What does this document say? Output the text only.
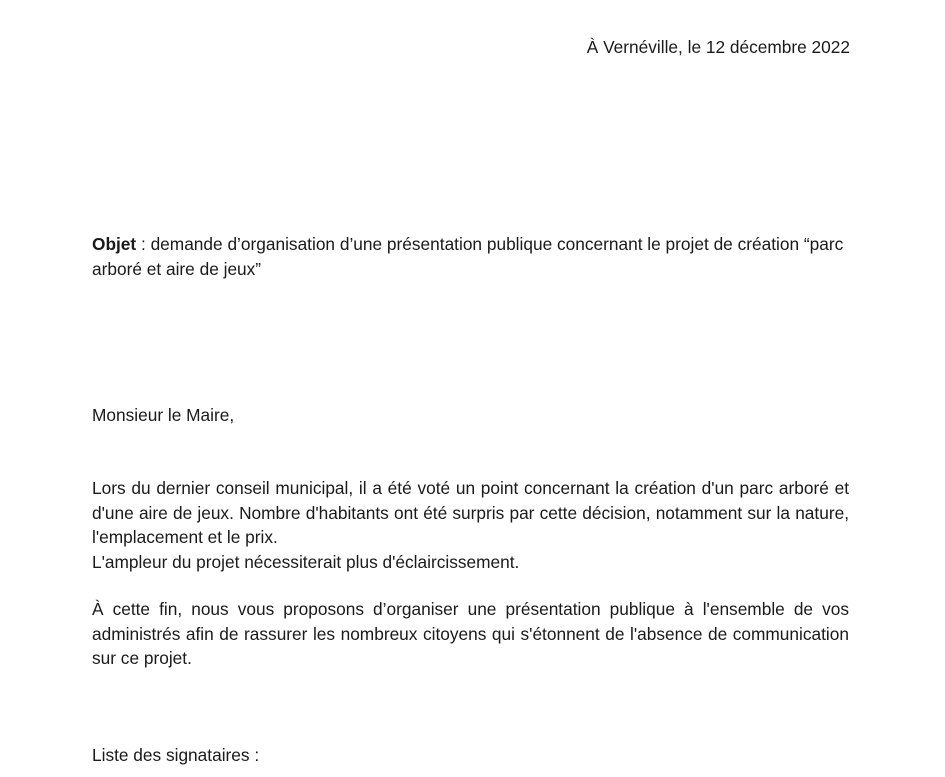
À Vernéville, le 12 décembre 2022
Objet : demande d’organisation d’une présentation publique concernant le projet de création “parc arboré et aire de jeux”
Monsieur le Maire,

Lors du dernier conseil municipal, il a été voté un point concernant la création d'un parc arboré et d'une aire de jeux. Nombre d'habitants ont été surpris par cette décision, notamment sur la nature, l'emplacement et le prix.

L'ampleur du projet nécessiterait plus d'éclaircissement.
À cette fin, nous vous proposons d’organiser une présentation publique à l'ensemble de vos administrés afin de rassurer les nombreux citoyens qui s'étonnent de l'absence de communication sur ce projet.
Liste des signataires :
